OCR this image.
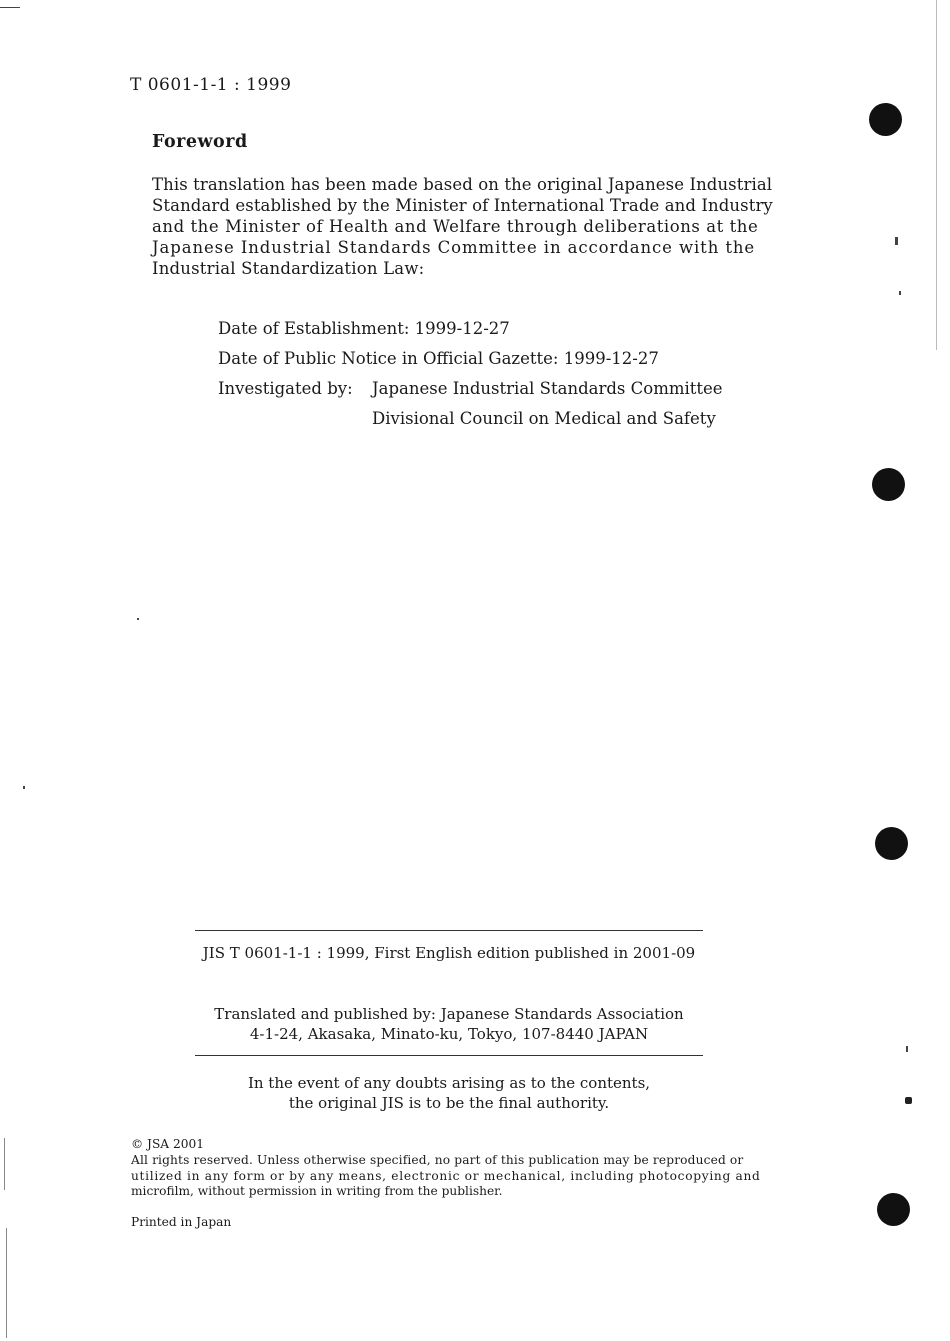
T 0601-1-1 : 1999
Foreword
This translation has been made based on the original Japanese Industrial
Standard established by the Minister of International Trade and Industry
and the Minister of Health and Welfare through deliberations at the
Japanese Industrial Standards Committee in accordance with the
Industrial Standardization Law:
Date of Establishment: 1999-12-27
Date of Public Notice in Official Gazette: 1999-12-27
Investigated by: Japanese Industrial Standards Committee
Divisional Council on Medical and Safety
JIS T 0601-1-1 : 1999, First English edition published in 2001-09
Translated and published by: Japanese Standards Association
4-1-24, Akasaka, Minato-ku, Tokyo, 107-8440 JAPAN
In the event of any doubts arising as to the contents,
the original JIS is to be the final authority.
© JSA 2001
All rights reserved. Unless otherwise specified, no part of this publication may be reproduced or
utilized in any form or by any means, electronic or mechanical, including photocopying and
microfilm, without permission in writing from the publisher.
Printed in Japan
